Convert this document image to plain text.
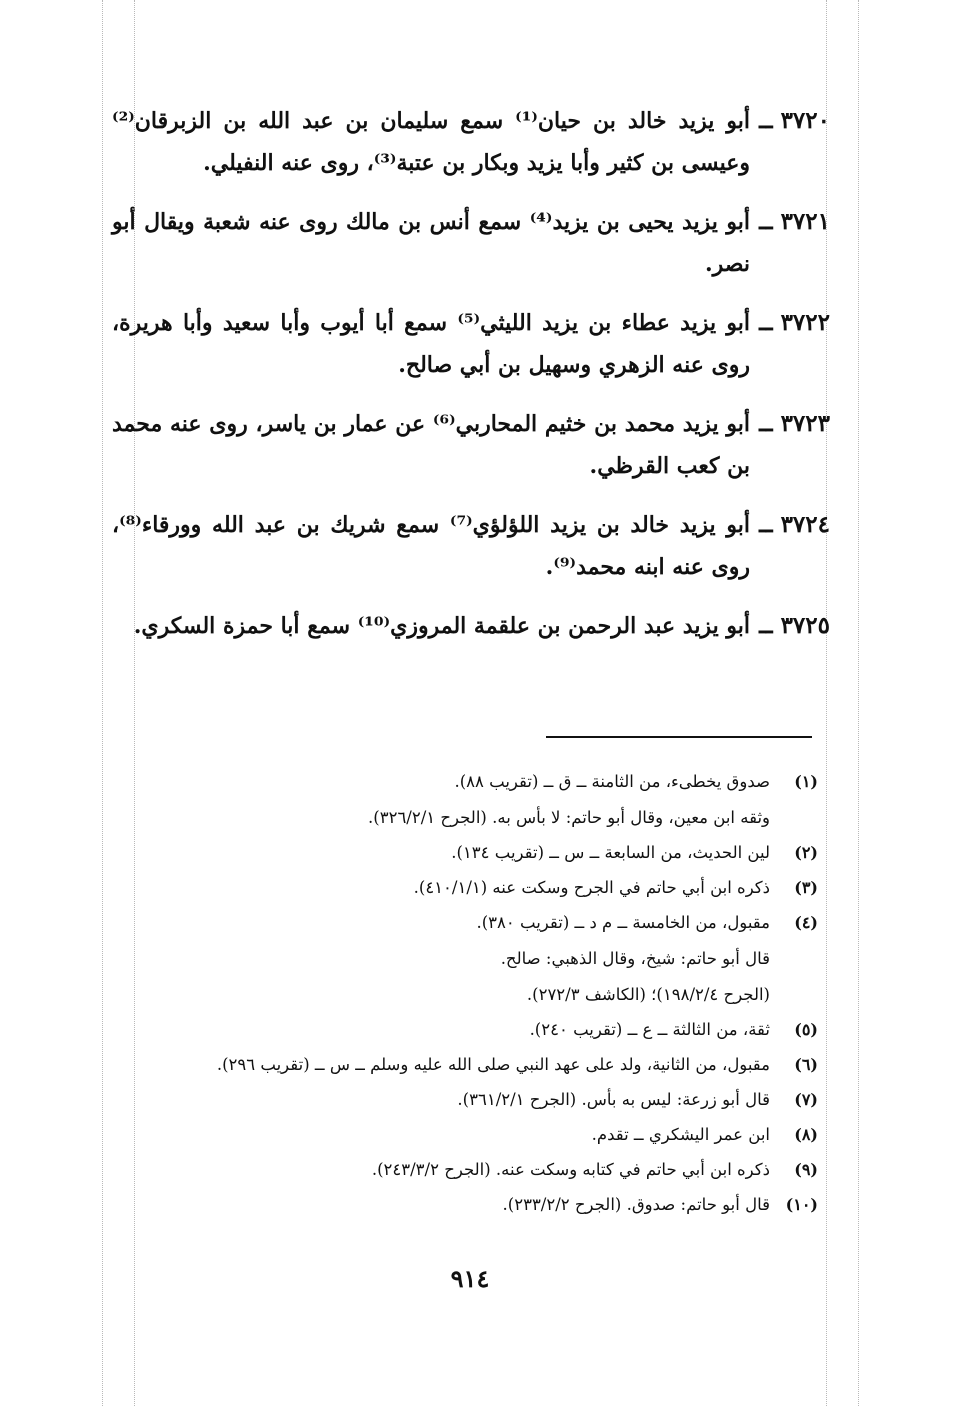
٣٧٢٠ ــ
أبو يزيد خالد بن حيان⁽¹⁾ سمع سليمان بن عبد الله بن الزبرقان⁽²⁾ وعيسى بن كثير وأبا يزيد وبكار بن عتبة⁽³⁾، روى عنه النفيلي.
٣٧٢١ ــ
أبو يزيد يحيى بن يزيد⁽⁴⁾ سمع أنس بن مالك روى عنه شعبة ويقال أبو نصر.
٣٧٢٢ ــ
أبو يزيد عطاء بن يزيد الليثي⁽⁵⁾ سمع أبا أيوب وأبا سعيد وأبا هريرة، روى عنه الزهري وسهيل بن أبي صالح.
٣٧٢٣ ــ
أبو يزيد محمد بن خثيم المحاربي⁽⁶⁾ عن عمار بن ياسر، روى عنه محمد بن كعب القرظي.
٣٧٢٤ ــ
أبو يزيد خالد بن يزيد اللؤلؤي⁽⁷⁾ سمع شريك بن عبد الله وورقاء⁽⁸⁾، روى عنه ابنه محمد⁽⁹⁾.
٣٧٢٥ ــ
أبو يزيد عبد الرحمن بن علقمة المروزي⁽¹⁰⁾ سمع أبا حمزة السكري.
(١)
صدوق يخطىء، من الثامنة ــ ق ــ (تقريب ٨٨).
وثقه ابن معين، وقال أبو حاتم: لا بأس به. (الجرح ٣٢٦/٢/١).
(٢)
لين الحديث، من السابعة ــ س ــ (تقريب ١٣٤).
(٣)
ذكره ابن أبي حاتم في الجرح وسكت عنه (٤١٠/١/١).
(٤)
مقبول، من الخامسة ــ م د ــ (تقريب ٣٨٠).
قال أبو حاتم: شيخ، وقال الذهبي: صالح.
(الجرح ١٩٨/٢/٤)؛ (الكاشف ٢٧٢/٣).
(٥)
ثقة، من الثالثة ــ ع ــ (تقريب ٢٤٠).
(٦)
مقبول، من الثانية، ولد على عهد النبي صلى الله عليه وسلم ــ س ــ (تقريب ٢٩٦).
(٧)
قال أبو زرعة: ليس به بأس. (الجرح ٣٦١/٢/١).
(٨)
ابن عمر اليشكري ــ تقدم.
(٩)
ذكره ابن أبي حاتم في كتابه وسكت عنه. (الجرح ٢٤٣/٣/٢).
(١٠)
قال أبو حاتم: صدوق. (الجرح ٢٣٣/٢/٢).
٩١٤
